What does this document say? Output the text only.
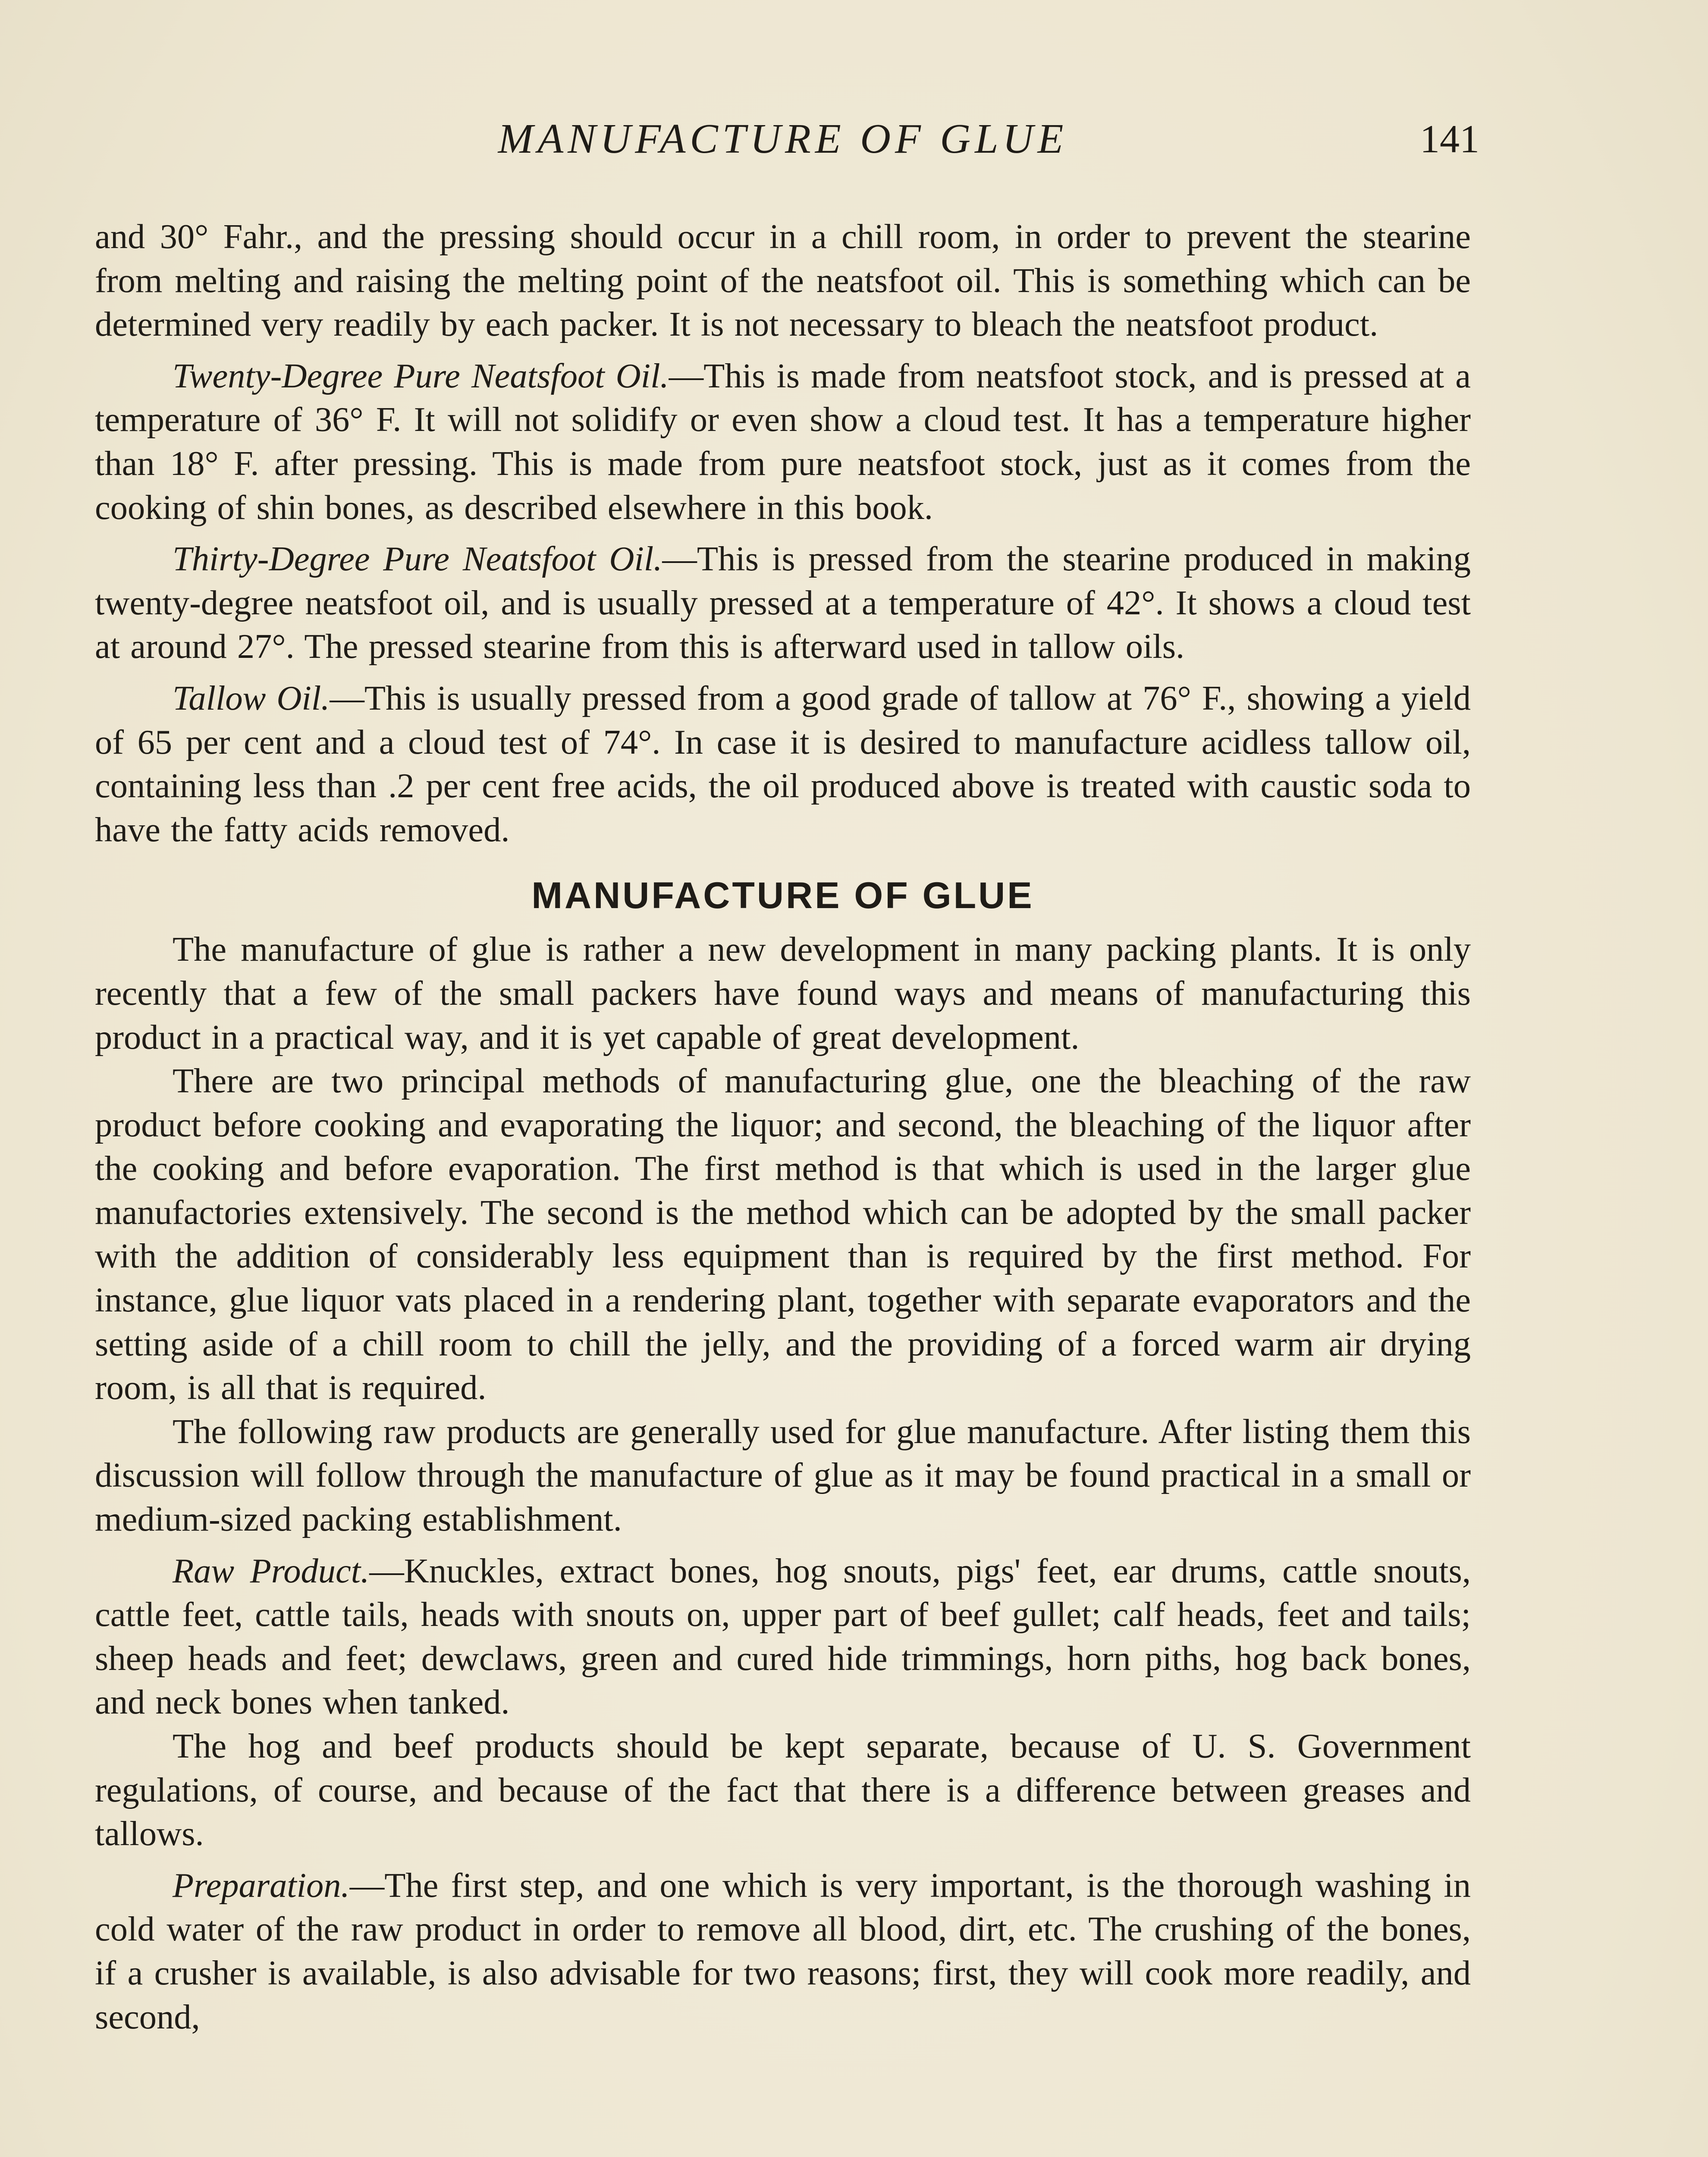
MANUFACTURE OF GLUE	141

and 30° Fahr., and the pressing should occur in a chill room, in order to prevent the stearine from melting and raising the melting point of the neatsfoot oil. This is something which can be determined very readily by each packer. It is not necessary to bleach the neatsfoot product.

Twenty-Degree Pure Neatsfoot Oil.—This is made from neatsfoot stock, and is pressed at a temperature of 36° F. It will not solidify or even show a cloud test. It has a temperature higher than 18° F. after pressing. This is made from pure neatsfoot stock, just as it comes from the cooking of shin bones, as described elsewhere in this book.

Thirty-Degree Pure Neatsfoot Oil.—This is pressed from the stearine produced in making twenty-degree neatsfoot oil, and is usually pressed at a temperature of 42°. It shows a cloud test at around 27°. The pressed stearine from this is afterward used in tallow oils.

Tallow Oil.—This is usually pressed from a good grade of tallow at 76° F., showing a yield of 65 per cent and a cloud test of 74°. In case it is desired to manufacture acidless tallow oil, containing less than .2 per cent free acids, the oil produced above is treated with caustic soda to have the fatty acids removed.

MANUFACTURE OF GLUE

The manufacture of glue is rather a new development in many packing plants. It is only recently that a few of the small packers have found ways and means of manufacturing this product in a practical way, and it is yet capable of great development.

There are two principal methods of manufacturing glue, one the bleaching of the raw product before cooking and evaporating the liquor; and second, the bleaching of the liquor after the cooking and before evaporation. The first method is that which is used in the larger glue manufactories extensively. The second is the method which can be adopted by the small packer with the addition of considerably less equipment than is required by the first method. For instance, glue liquor vats placed in a rendering plant, together with separate evaporators and the setting aside of a chill room to chill the jelly, and the providing of a forced warm air drying room, is all that is required.

The following raw products are generally used for glue manufacture. After listing them this discussion will follow through the manufacture of glue as it may be found practical in a small or medium-sized packing establishment.

Raw Product.—Knuckles, extract bones, hog snouts, pigs' feet, ear drums, cattle snouts, cattle feet, cattle tails, heads with snouts on, upper part of beef gullet; calf heads, feet and tails; sheep heads and feet; dewclaws, green and cured hide trimmings, horn piths, hog back bones, and neck bones when tanked.

The hog and beef products should be kept separate, because of U. S. Government regulations, of course, and because of the fact that there is a difference between greases and tallows.

Preparation.—The first step, and one which is very important, is the thorough washing in cold water of the raw product in order to remove all blood, dirt, etc. The crushing of the bones, if a crusher is available, is also advisable for two reasons; first, they will cook more readily, and second,
